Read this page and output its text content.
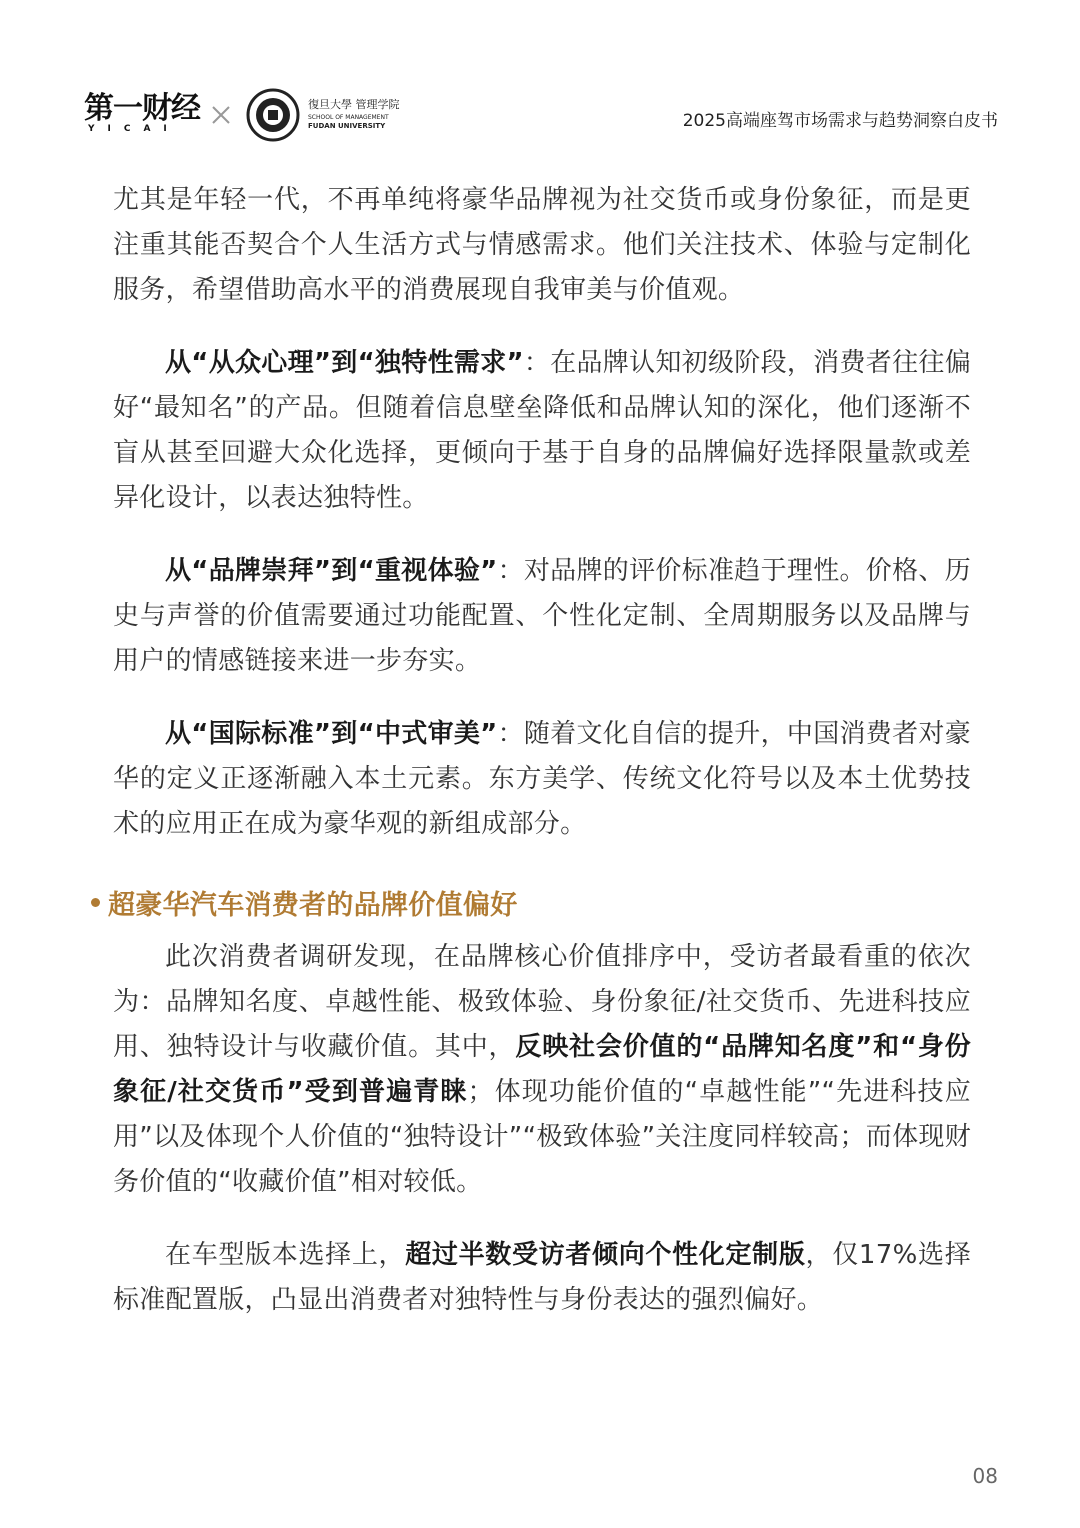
第一财经
YICAI
復旦大學 管理学院
SCHOOL OF MANAGEMENT
FUDAN UNIVERSITY	2025高端座驾市场需求与趋势洞察白皮书

尤其是年轻一代，不再单纯将豪华品牌视为社交货币或身份象征，而是更注重其能否契合个人生活方式与情感需求。他们关注技术、体验与定制化服务，希望借助高水平的消费展现自我审美与价值观。

从“从众心理”到“独特性需求”：在品牌认知初级阶段，消费者往往偏好“最知名”的产品。但随着信息壁垒降低和品牌认知的深化，他们逐渐不盲从甚至回避大众化选择，更倾向于基于自身的品牌偏好选择限量款或差异化设计，以表达独特性。

从“品牌崇拜”到“重视体验”：对品牌的评价标准趋于理性。价格、历史与声誉的价值需要通过功能配置、个性化定制、全周期服务以及品牌与用户的情感链接来进一步夯实。

从“国际标准”到“中式审美”：随着文化自信的提升，中国消费者对豪华的定义正逐渐融入本土元素。东方美学、传统文化符号以及本土优势技术的应用正在成为豪华观的新组成部分。

超豪华汽车消费者的品牌价值偏好

此次消费者调研发现，在品牌核心价值排序中，受访者最看重的依次为：品牌知名度、卓越性能、极致体验、身份象征/社交货币、先进科技应用、独特设计与收藏价值。其中，反映社会价值的“品牌知名度”和“身份象征/社交货币”受到普遍青睐；体现功能价值的“卓越性能”“先进科技应用”以及体现个人价值的“独特设计”“极致体验”关注度同样较高；而体现财务价值的“收藏价值”相对较低。

在车型版本选择上，超过半数受访者倾向个性化定制版，仅17%选择标准配置版，凸显出消费者对独特性与身份表达的强烈偏好。

08
